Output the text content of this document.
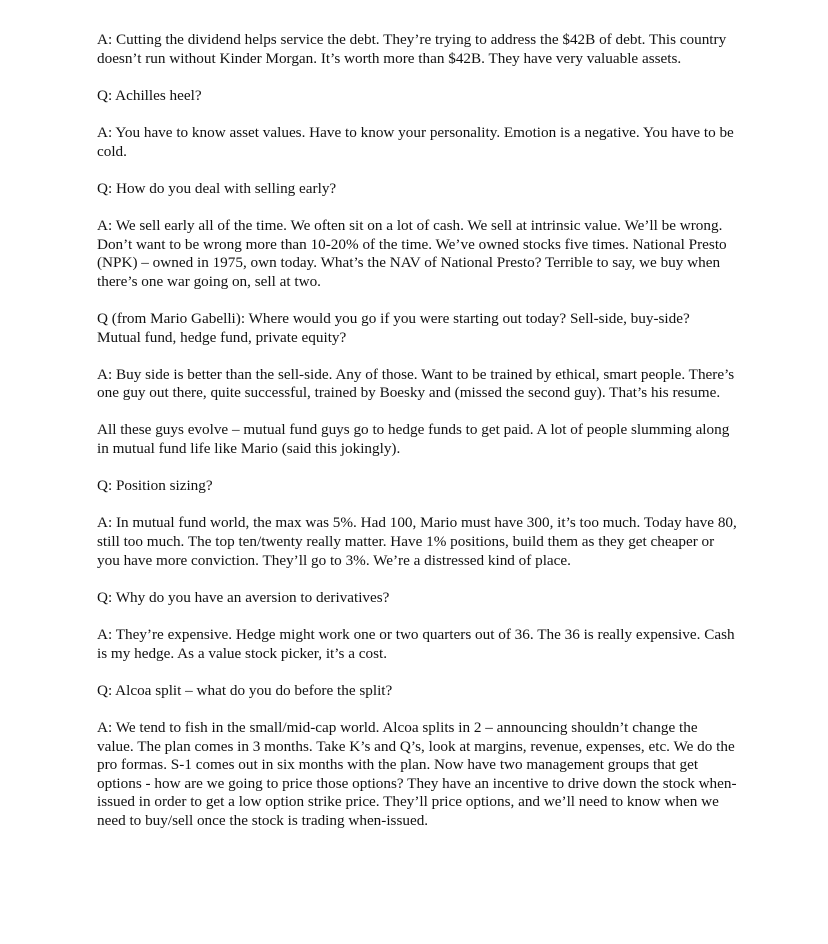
A: Cutting the dividend helps service the debt. They’re trying to address the $42B of debt. This country doesn’t run without Kinder Morgan. It’s worth more than $42B. They have very valuable assets.

Q: Achilles heel?

A: You have to know asset values. Have to know your personality. Emotion is a negative. You have to be cold.

Q: How do you deal with selling early?

A: We sell early all of the time. We often sit on a lot of cash. We sell at intrinsic value. We’ll be wrong. Don’t want to be wrong more than 10-20% of the time. We’ve owned stocks five times. National Presto (NPK) – owned in 1975, own today. What’s the NAV of National Presto? Terrible to say, we buy when there’s one war going on, sell at two.

Q (from Mario Gabelli): Where would you go if you were starting out today? Sell-side, buy-side? Mutual fund, hedge fund, private equity?

A: Buy side is better than the sell-side. Any of those. Want to be trained by ethical, smart people. There’s one guy out there, quite successful, trained by Boesky and (missed the second guy). That’s his resume.

All these guys evolve – mutual fund guys go to hedge funds to get paid. A lot of people slumming along in mutual fund life like Mario (said this jokingly).

Q: Position sizing?

A: In mutual fund world, the max was 5%. Had 100, Mario must have 300, it’s too much. Today have 80, still too much. The top ten/twenty really matter. Have 1% positions, build them as they get cheaper or you have more conviction. They’ll go to 3%. We’re a distressed kind of place.

Q: Why do you have an aversion to derivatives?

A: They’re expensive. Hedge might work one or two quarters out of 36. The 36 is really expensive. Cash is my hedge. As a value stock picker, it’s a cost.

Q: Alcoa split – what do you do before the split?

A: We tend to fish in the small/mid-cap world. Alcoa splits in 2 – announcing shouldn’t change the value. The plan comes in 3 months. Take K’s and Q’s, look at margins, revenue, expenses, etc. We do the pro formas. S-1 comes out in six months with the plan. Now have two management groups that get options - how are we going to price those options? They have an incentive to drive down the stock when-issued in order to get a low option strike price. They’ll price options, and we’ll need to know when we need to buy/sell once the stock is trading when-issued.
